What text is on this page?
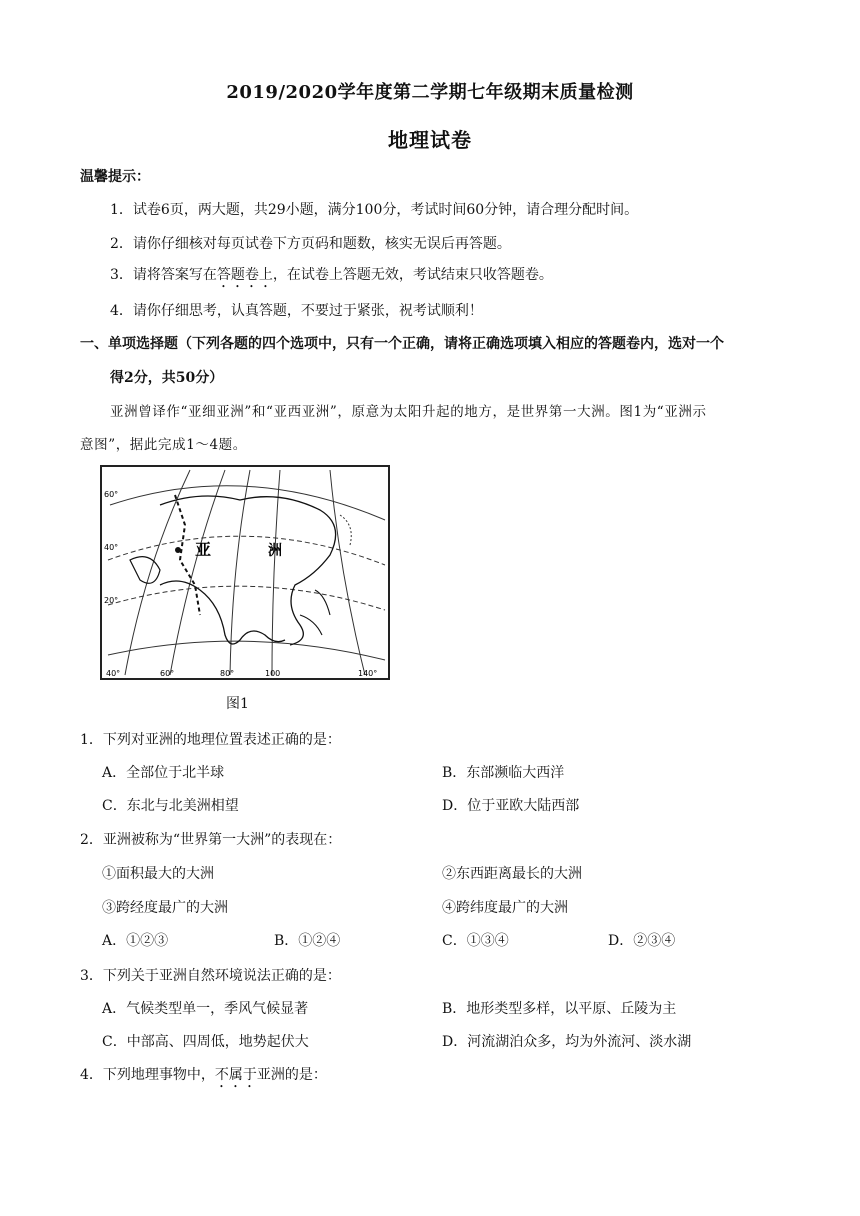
2019/2020学年度第二学期七年级期末质量检测
地理试卷
温馨提示：
1．试卷6页，两大题，共29小题，满分100分，考试时间60分钟，请合理分配时间。
2．请你仔细核对每页试卷下方页码和题数，核实无误后再答题。
3．请将答案写在答题卷上，在试卷上答题无效，考试结束只收答题卷。
4．请你仔细思考，认真答题，不要过于紧张，祝考试顺利！
一、单项选择题（下列各题的四个选项中，只有一个正确，请将正确选项填入相应的答题卷内，选对一个
得2分，共50分）
亚洲曾译作“亚细亚洲”和“亚西亚洲”，原意为太阳升起的地方，是世界第一大洲。图1为“亚洲示
意图”，据此完成1～4题。
亚	洲
60°
40°
20°
40°	60°	80°	100	140°
图1
1．下列对亚洲的地理位置表述正确的是：
A．全部位于北半球	B．东部濒临大西洋
C．东北与北美洲相望	D．位于亚欧大陆西部
2．亚洲被称为“世界第一大洲”的表现在：
①面积最大的大洲	②东西距离最长的大洲
③跨经度最广的大洲	④跨纬度最广的大洲
A．①②③	B．①②④	C．①③④	D．②③④
3．下列关于亚洲自然环境说法正确的是：
A．气候类型单一，季风气候显著	B．地形类型多样，以平原、丘陵为主
C．中部高、四周低，地势起伏大	D．河流湖泊众多，均为外流河、淡水湖
4．下列地理事物中，不属于亚洲的是：
